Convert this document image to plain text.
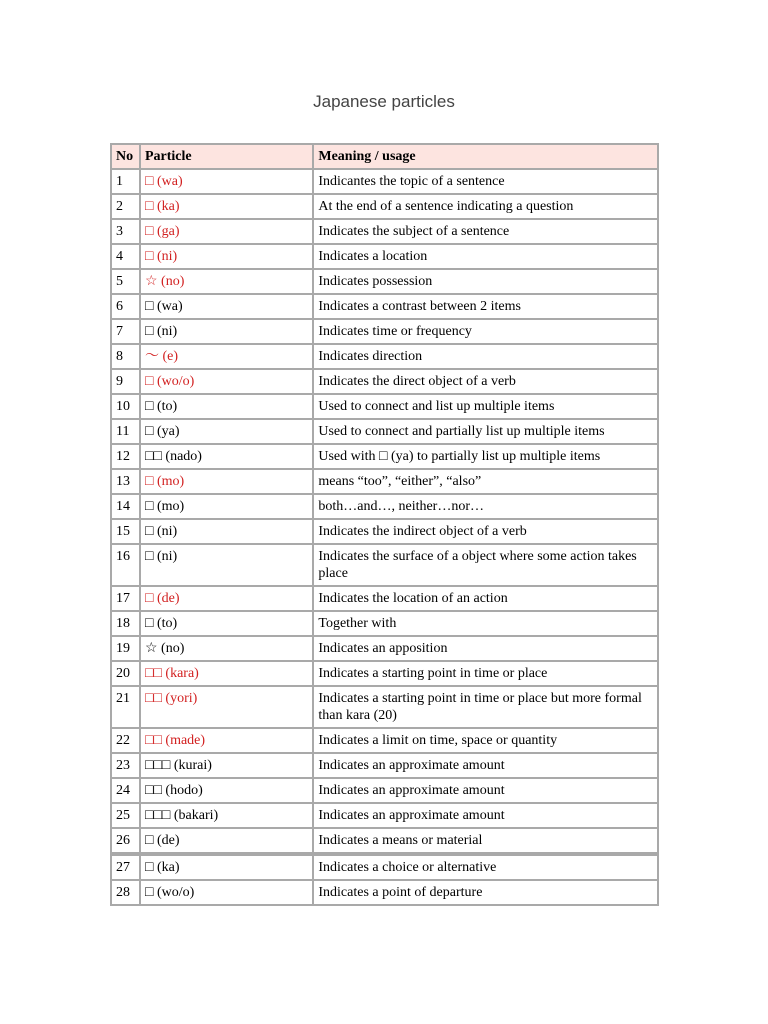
Japanese particles
No	Particle	Meaning / usage
1	□ (wa)	Indicantes the topic of a sentence
2	□ (ka)	At the end of a sentence indicating a question
3	□ (ga)	Indicates the subject of a sentence
4	□ (ni)	Indicates a location
5	☆ (no)	Indicates possession
6	□ (wa)	Indicates a contrast between 2 items
7	□ (ni)	Indicates time or frequency
8	〜 (e)	Indicates direction
9	□ (wo/o)	Indicates the direct object of a verb
10	□ (to)	Used to connect and list up multiple items
11	□ (ya)	Used to connect and partially list up multiple items
12	□□ (nado)	Used with □ (ya) to partially list up multiple items
13	□ (mo)	means “too”, “either”, “also”
14	□ (mo)	both…and…, neither…nor…
15	□ (ni)	Indicates the indirect object of a verb
16	□ (ni)	Indicates the surface of a object where some action takes place
17	□ (de)	Indicates the location of an action
18	□ (to)	Together with
19	☆ (no)	Indicates an apposition
20	□□ (kara)	Indicates a starting point in time or place
21	□□ (yori)	Indicates a starting point in time or place but more formal than kara (20)
22	□□ (made)	Indicates a limit on time, space or quantity
23	□□□ (kurai)	Indicates an approximate amount
24	□□ (hodo)	Indicates an approximate amount
25	□□□ (bakari)	Indicates an approximate amount
26	□ (de)	Indicates a means or material
27	□ (ka)	Indicates a choice or alternative
28	□ (wo/o)	Indicates a point of departure
